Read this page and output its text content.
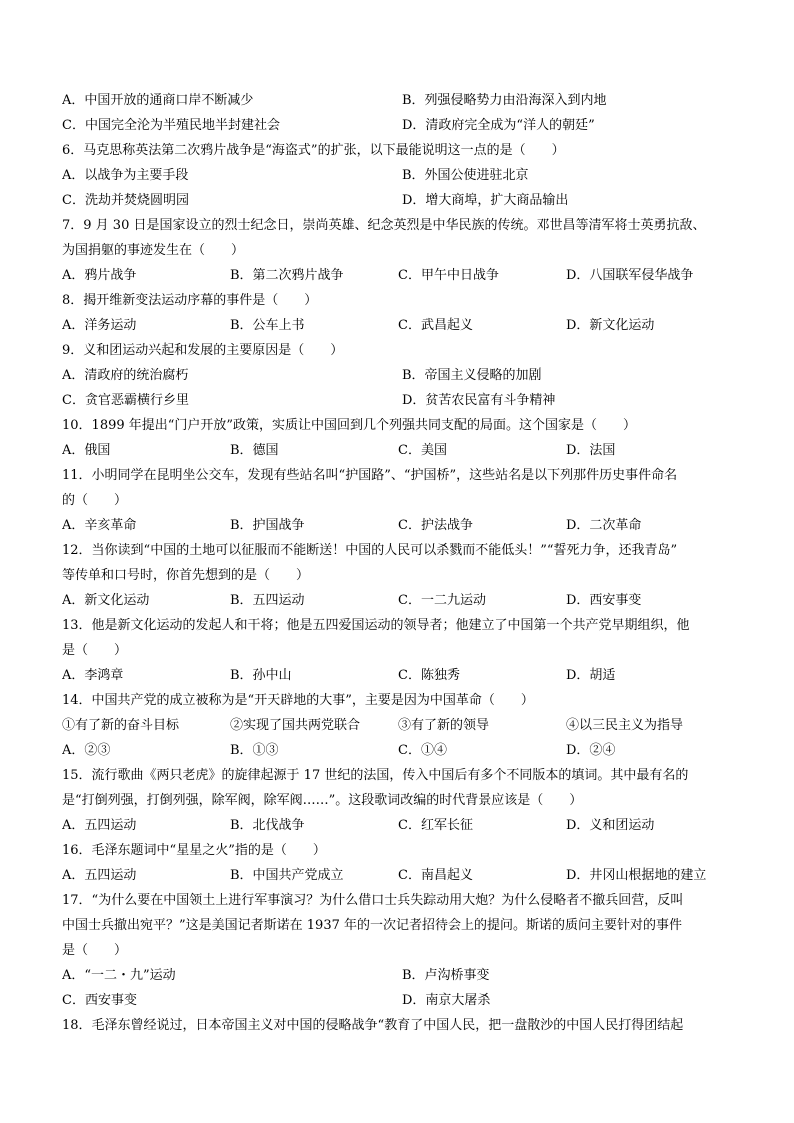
A．中国开放的通商口岸不断减少	B．列强侵略势力由沿海深入到内地
C．中国完全沦为半殖民地半封建社会	D．清政府完全成为“洋人的朝廷”
6．马克思称英法第二次鸦片战争是“海盗式”的扩张，以下最能说明这一点的是（　　）
A．以战争为主要手段	B．外国公使进驻北京
C．洗劫并焚烧圆明园	D．增大商埠，扩大商品输出
7．9 月 30 日是国家设立的烈士纪念日，崇尚英雄、纪念英烈是中华民族的传统。邓世昌等清军将士英勇抗敌、
为国捐躯的事迹发生在（　　）
A．鸦片战争	B．第二次鸦片战争	C．甲午中日战争	D．八国联军侵华战争
8．揭开维新变法运动序幕的事件是（　　）
A．洋务运动	B．公车上书	C．武昌起义	D．新文化运动
9．义和团运动兴起和发展的主要原因是（　　）
A．清政府的统治腐朽	B．帝国主义侵略的加剧
C．贪官恶霸横行乡里	D．贫苦农民富有斗争精神
10．1899 年提出“门户开放”政策，实质让中国回到几个列强共同支配的局面。这个国家是（　　）
A．俄国	B．德国	C．美国	D．法国
11．小明同学在昆明坐公交车，发现有些站名叫“护国路”、“护国桥”，这些站名是以下列那件历史事件命名
的（　　）
A．辛亥革命	B．护国战争	C．护法战争	D．二次革命
12．当你读到“中国的土地可以征服而不能断送！中国的人民可以杀戮而不能低头！”“誓死力争，还我青岛”
等传单和口号时，你首先想到的是（　　）
A．新文化运动	B．五四运动	C．一二九运动	D．西安事变
13．他是新文化运动的发起人和干将；他是五四爱国运动的领导者；他建立了中国第一个共产党早期组织，他
是（　　）
A．李鸿章	B．孙中山	C．陈独秀	D．胡适
14．中国共产党的成立被称为是“开天辟地的大事”，主要是因为中国革命（　　）
①有了新的奋斗目标	②实现了国共两党联合	③有了新的领导	④以三民主义为指导
A．②③	B．①③	C．①④	D．②④
15．流行歌曲《两只老虎》的旋律起源于 17 世纪的法国，传入中国后有多个不同版本的填词。其中最有名的
是“打倒列强，打倒列强，除军阀，除军阀……”。这段歌词改编的时代背景应该是（　　）
A．五四运动	B．北伐战争	C．红军长征	D．义和团运动
16．毛泽东题词中“星星之火”指的是（　　）
A．五四运动	B．中国共产党成立	C．南昌起义	D．井冈山根据地的建立
17．“为什么要在中国领土上进行军事演习？为什么借口士兵失踪动用大炮？为什么侵略者不撤兵回营，反叫
中国士兵撤出宛平？”这是美国记者斯诺在 1937 年的一次记者招待会上的提问。斯诺的质问主要针对的事件
是（　　）
A．“一二・九”运动	B．卢沟桥事变
C．西安事变	D．南京大屠杀
18．毛泽东曾经说过，日本帝国主义对中国的侵略战争“教育了中国人民，把一盘散沙的中国人民打得团结起
